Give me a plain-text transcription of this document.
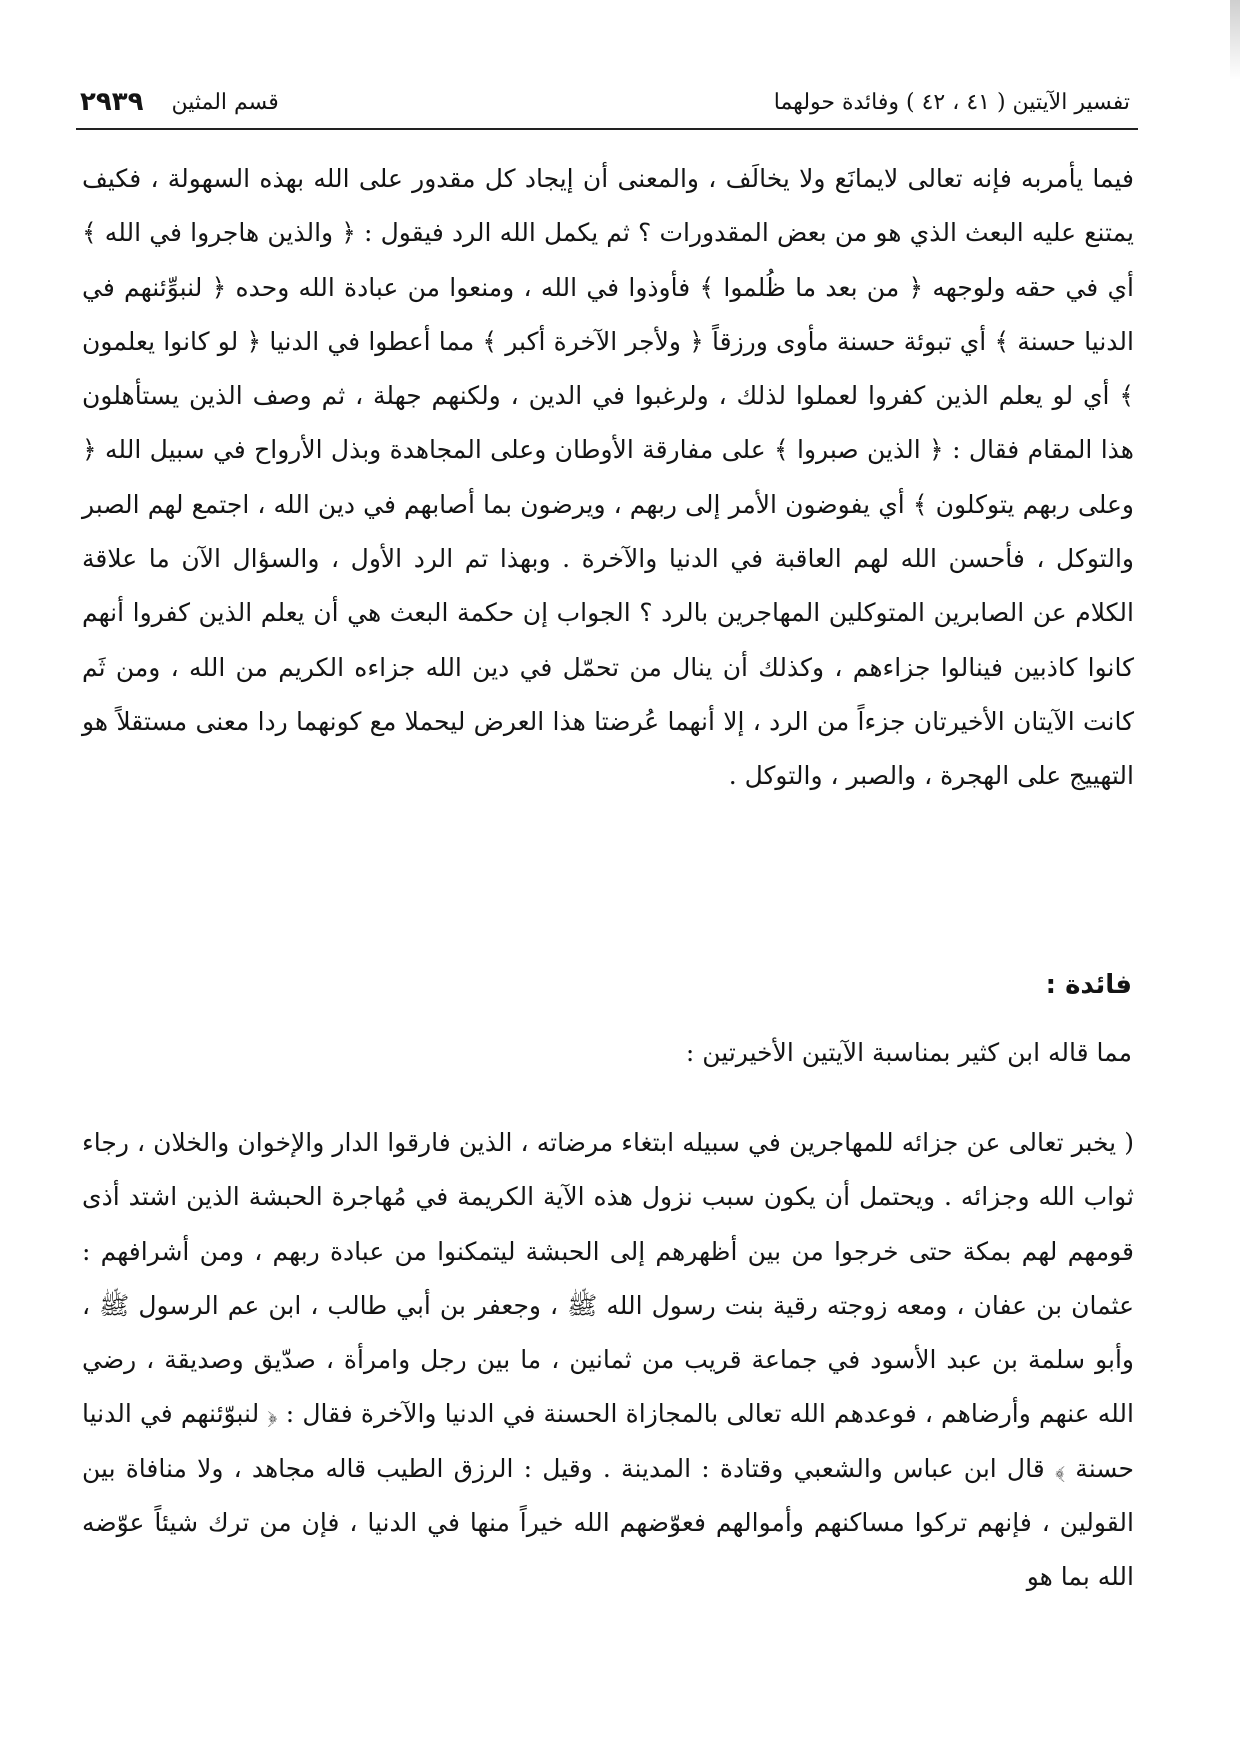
تفسير الآيتين ( ٤١ ، ٤٢ ) وفائدة حولهما
قسم المثين
٢٩٣٩

فيما يأمربه فإنه تعالى لايمانَع ولا يخالَف ، والمعنى أن إيجاد كل مقدور على الله بهذه السهولة ، فكيف يمتنع عليه البعث الذي هو من بعض المقدورات ؟ ثم يكمل الله الرد فيقول : ﴿ والذين هاجروا في الله ﴾ أي في حقه ولوجهه ﴿ من بعد ما ظُلموا ﴾ فأوذوا في الله ، ومنعوا من عبادة الله وحده ﴿ لنبوِّئنهم في الدنيا حسنة ﴾ أي تبوئة حسنة مأوى ورزقاً ﴿ ولأجر الآخرة أكبر ﴾ مما أعطوا في الدنيا ﴿ لو كانوا يعلمون ﴾ أي لو يعلم الذين كفروا لعملوا لذلك ، ولرغبوا في الدين ، ولكنهم جهلة ، ثم وصف الذين يستأهلون هذا المقام فقال : ﴿ الذين صبروا ﴾ على مفارقة الأوطان وعلى المجاهدة وبذل الأرواح في سبيل الله ﴿ وعلى ربهم يتوكلون ﴾ أي يفوضون الأمر إلى ربهم ، ويرضون بما أصابهم في دين الله ، اجتمع لهم الصبر والتوكل ، فأحسن الله لهم العاقبة في الدنيا والآخرة . وبهذا تم الرد الأول ، والسؤال الآن ما علاقة الكلام عن الصابرين المتوكلين المهاجرين بالرد ؟ الجواب إن حكمة البعث هي أن يعلم الذين كفروا أنهم كانوا كاذبين فينالوا جزاءهم ، وكذلك أن ينال من تحمّل في دين الله جزاءه الكريم من الله ، ومن ثَم كانت الآيتان الأخيرتان جزءاً من الرد ، إلا أنهما عُرضتا هذا العرض ليحملا مع كونهما ردا معنى مستقلاً هو التهييج على الهجرة ، والصبر ، والتوكل .

فائدة :
مما قاله ابن كثير بمناسبة الآيتين الأخيرتين :

( يخبر تعالى عن جزائه للمهاجرين في سبيله ابتغاء مرضاته ، الذين فارقوا الدار والإخوان والخلان ، رجاء ثواب الله وجزائه . ويحتمل أن يكون سبب نزول هذه الآية الكريمة في مُهاجرة الحبشة الذين اشتد أذى قومهم لهم بمكة حتى خرجوا من بين أظهرهم إلى الحبشة ليتمكنوا من عبادة ربهم ، ومن أشرافهم : عثمان بن عفان ، ومعه زوجته رقية بنت رسول الله ﷺ ، وجعفر بن أبي طالب ، ابن عم الرسول ﷺ ، وأبو سلمة بن عبد الأسود في جماعة قريب من ثمانين ، ما بين رجل وامرأة ، صدّيق وصديقة ، رضي الله عنهم وأرضاهم ، فوعدهم الله تعالى بالمجازاة الحسنة في الدنيا والآخرة فقال : ﴿ لنبوّئنهم في الدنيا حسنة ﴾ قال ابن عباس والشعبي وقتادة : المدينة . وقيل : الرزق الطيب قاله مجاهد ، ولا منافاة بين القولين ، فإنهم تركوا مساكنهم وأموالهم فعوّضهم الله خيراً منها في الدنيا ، فإن من ترك شيئاً عوّضه الله بما هو
